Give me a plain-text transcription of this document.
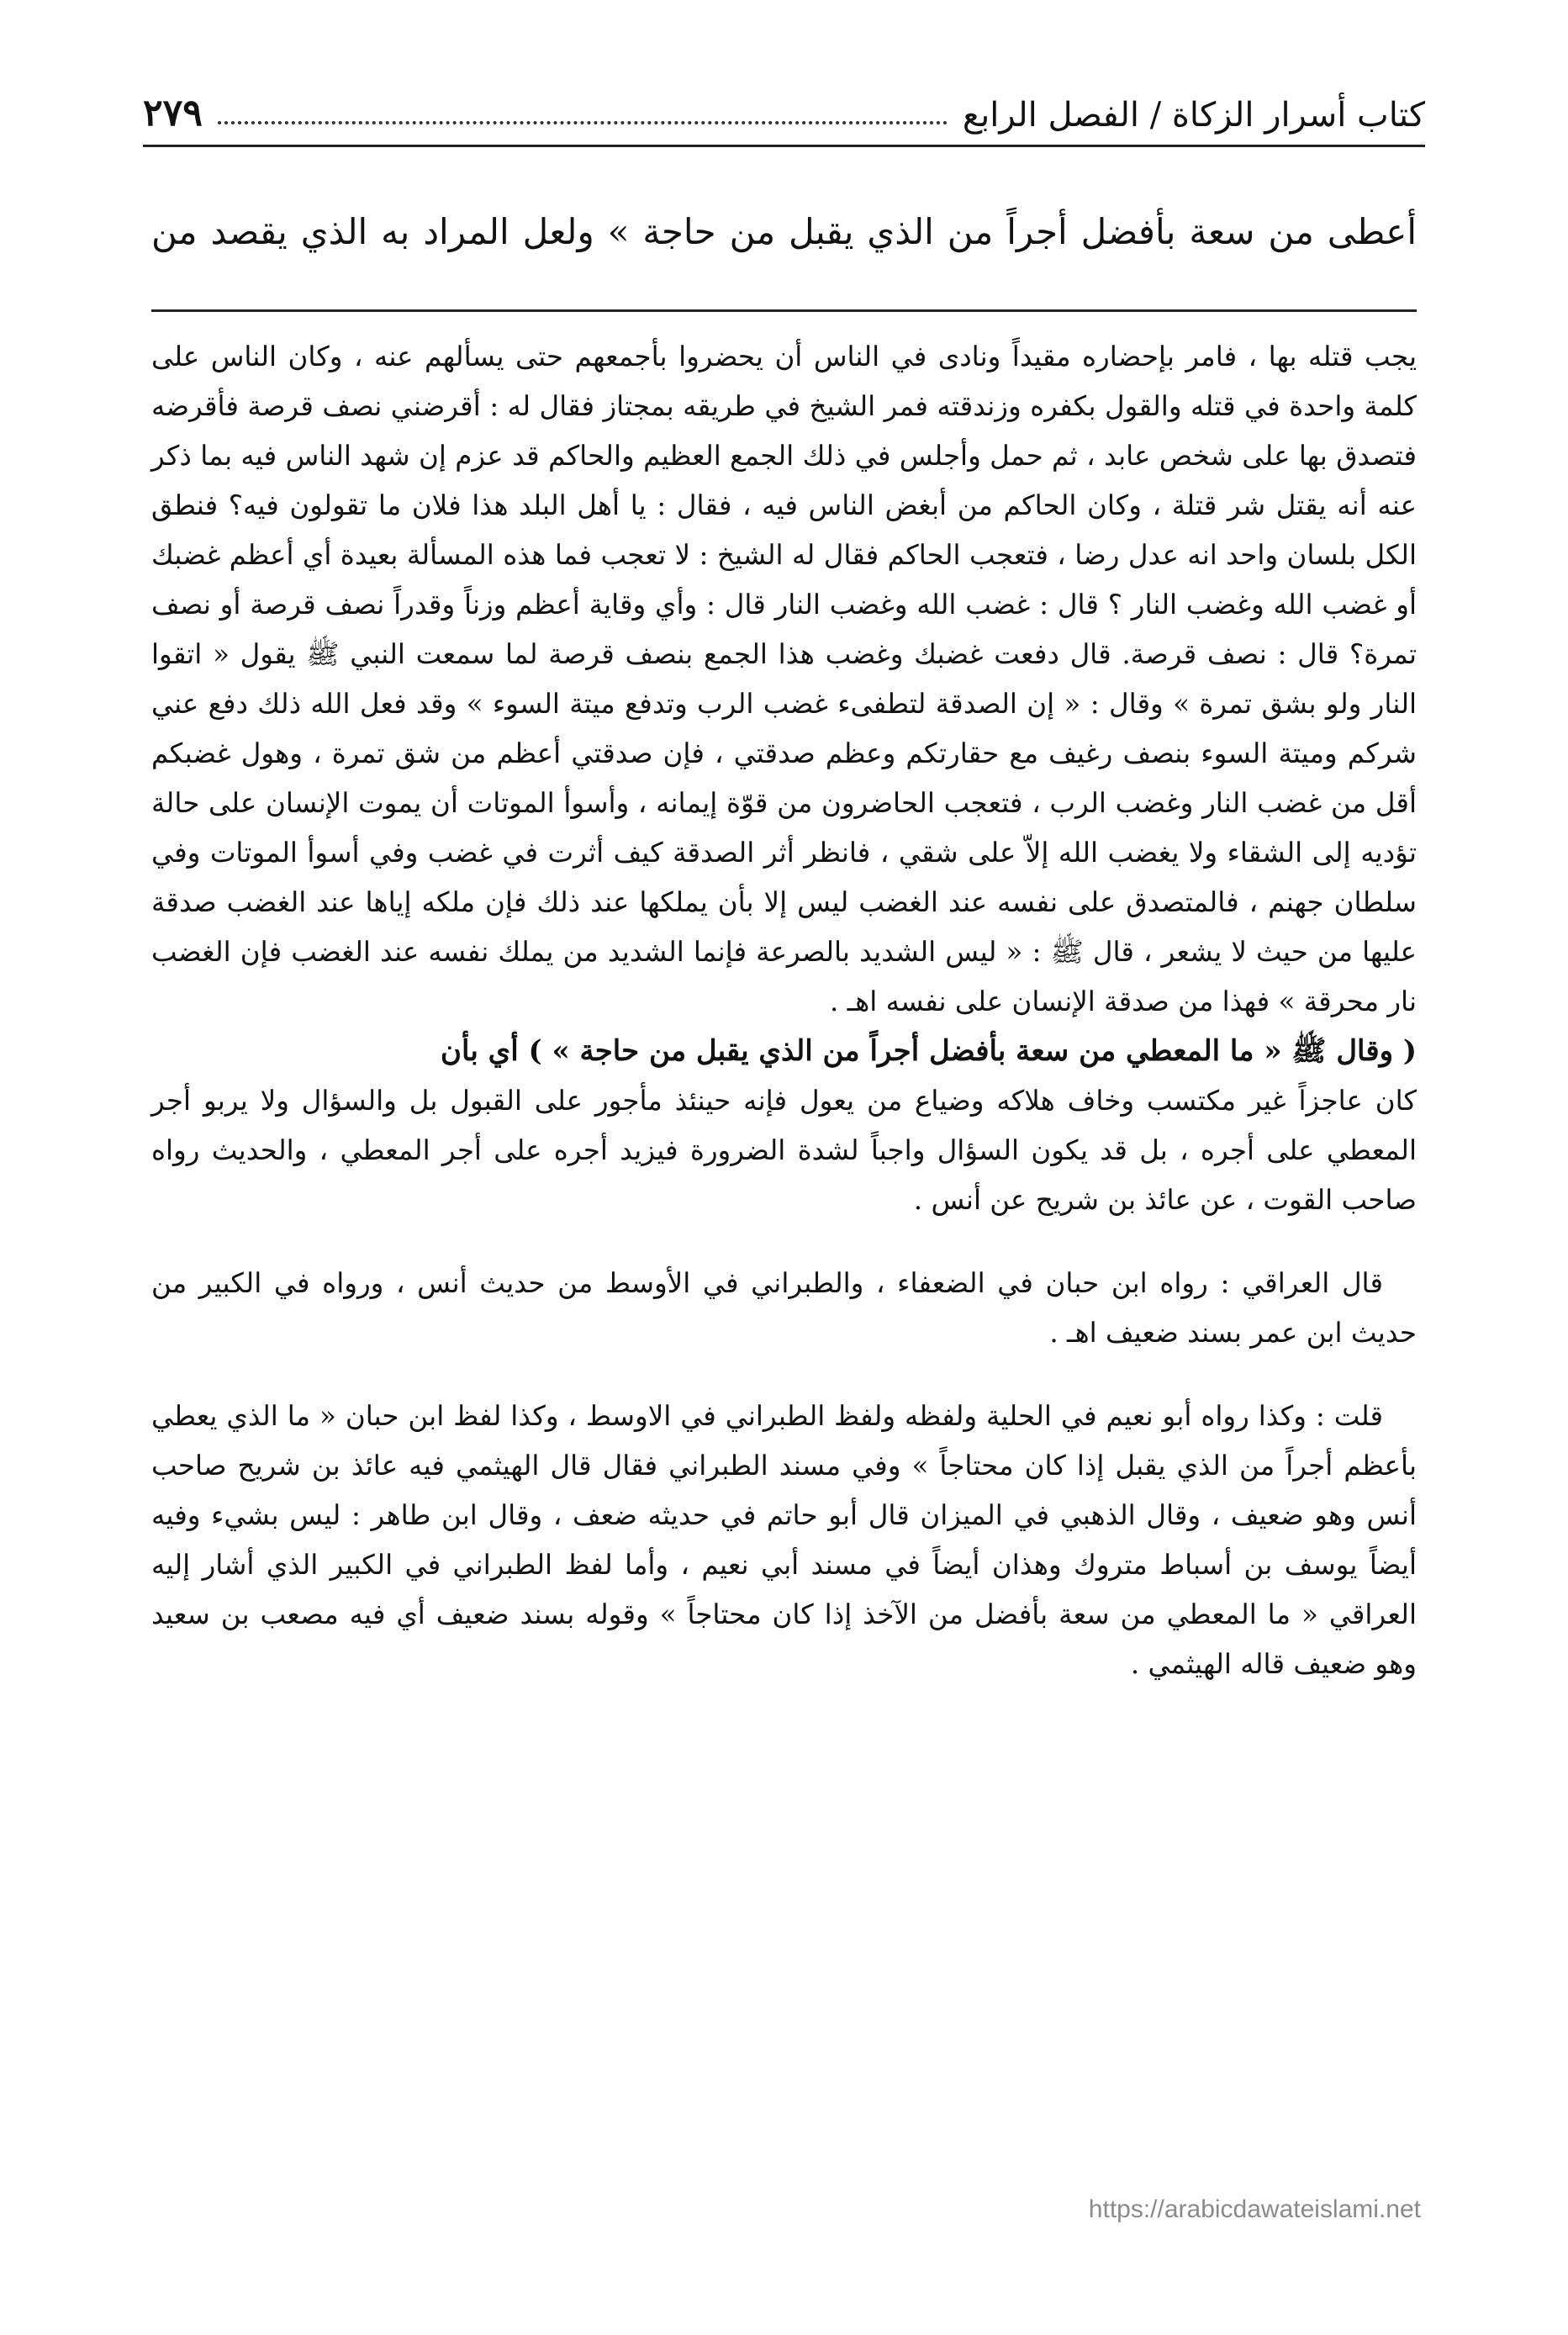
كتاب أسرار الزكاة / الفصل الرابع
٢٧٩
أعطى من سعة بأفضل أجراً من الذي يقبل من حاجة » ولعل المراد به الذي يقصد من

يجب قتله بها ، فامر بإحضاره مقيداً ونادى في الناس أن يحضروا بأجمعهم حتى يسألهم عنه ، وكان الناس على كلمة واحدة في قتله والقول بكفره وزندقته فمر الشيخ في طريقه بمجتاز فقال له : أقرضني نصف قرصة فأقرضه فتصدق بها على شخص عابد ، ثم حمل وأجلس في ذلك الجمع العظيم والحاكم قد عزم إن شهد الناس فيه بما ذكر عنه أنه يقتل شر قتلة ، وكان الحاكم من أبغض الناس فيه ، فقال : يا أهل البلد هذا فلان ما تقولون فيه؟ فنطق الكل بلسان واحد انه عدل رضا ، فتعجب الحاكم فقال له الشيخ : لا تعجب فما هذه المسألة بعيدة أي أعظم غضبك أو غضب الله وغضب النار ؟ قال : غضب الله وغضب النار قال : وأي وقاية أعظم وزناً وقدراً نصف قرصة أو نصف تمرة؟ قال : نصف قرصة. قال دفعت غضبك وغضب هذا الجمع بنصف قرصة لما سمعت النبي ﷺ يقول « اتقوا النار ولو بشق تمرة » وقال : « إن الصدقة لتطفىء غضب الرب وتدفع ميتة السوء » وقد فعل الله ذلك دفع عني شركم وميتة السوء بنصف رغيف مع حقارتكم وعظم صدقتي ، فإن صدقتي أعظم من شق تمرة ، وهول غضبكم أقل من غضب النار وغضب الرب ، فتعجب الحاضرون من قوّة إيمانه ، وأسوأ الموتات أن يموت الإنسان على حالة تؤديه إلى الشقاء ولا يغضب الله إلاّ على شقي ، فانظر أثر الصدقة كيف أثرت في غضب وفي أسوأ الموتات وفي سلطان جهنم ، فالمتصدق على نفسه عند الغضب ليس إلا بأن يملكها عند ذلك فإن ملكه إياها عند الغضب صدقة عليها من حيث لا يشعر ، قال ﷺ : « ليس الشديد بالصرعة فإنما الشديد من يملك نفسه عند الغضب فإن الغضب نار محرقة » فهذا من صدقة الإنسان على نفسه اهـ .

( وقال ﷺ « ما المعطي من سعة بأفضل أجراً من الذي يقبل من حاجة » ) أي بأن

كان عاجزاً غير مكتسب وخاف هلاكه وضياع من يعول فإنه حينئذ مأجور على القبول بل والسؤال ولا يربو أجر المعطي على أجره ، بل قد يكون السؤال واجباً لشدة الضرورة فيزيد أجره على أجر المعطي ، والحديث رواه صاحب القوت ، عن عائذ بن شريح عن أنس .

قال العراقي : رواه ابن حبان في الضعفاء ، والطبراني في الأوسط من حديث أنس ، ورواه في الكبير من حديث ابن عمر بسند ضعيف اهـ .

قلت : وكذا رواه أبو نعيم في الحلية ولفظه ولفظ الطبراني في الاوسط ، وكذا لفظ ابن حبان « ما الذي يعطي بأعظم أجراً من الذي يقبل إذا كان محتاجاً » وفي مسند الطبراني فقال قال الهيثمي فيه عائذ بن شريح صاحب أنس وهو ضعيف ، وقال الذهبي في الميزان قال أبو حاتم في حديثه ضعف ، وقال ابن طاهر : ليس بشيء وفيه أيضاً يوسف بن أسباط متروك وهذان أيضاً في مسند أبي نعيم ، وأما لفظ الطبراني في الكبير الذي أشار إليه العراقي « ما المعطي من سعة بأفضل من الآخذ إذا كان محتاجاً » وقوله بسند ضعيف أي فيه مصعب بن سعيد وهو ضعيف قاله الهيثمي .

https://arabicdawateislami.net
